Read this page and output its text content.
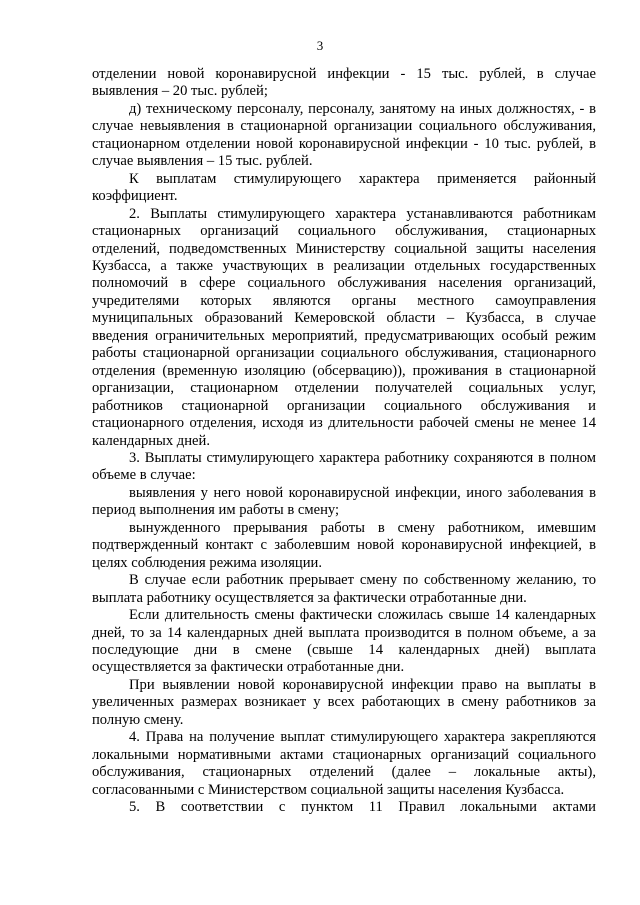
3

отделении новой коронавирусной инфекции - 15 тыс. рублей, в случае выявления – 20 тыс. рублей;

д) техническому персоналу, персоналу, занятому на иных должностях, - в случае невыявления в стационарной организации социального обслуживания, стационарном отделении новой коронавирусной инфекции - 10 тыс. рублей, в случае выявления – 15 тыс. рублей.

К выплатам стимулирующего характера применяется районный коэффициент.

2. Выплаты стимулирующего характера устанавливаются работникам стационарных организаций социального обслуживания, стационарных отделений, подведомственных Министерству социальной защиты населения Кузбасса, а также участвующих в реализации отдельных государственных полномочий в сфере социального обслуживания населения организаций, учредителями которых являются органы местного самоуправления муниципальных образований Кемеровской области – Кузбасса, в случае введения ограничительных мероприятий, предусматривающих особый режим работы стационарной организации социального обслуживания, стационарного отделения (временную изоляцию (обсервацию)), проживания в стационарной организации, стационарном отделении получателей социальных услуг, работников стационарной организации социального обслуживания и стационарного отделения, исходя из длительности рабочей смены не менее 14 календарных дней.

3. Выплаты стимулирующего характера работнику сохраняются в полном объеме в случае:

выявления у него новой коронавирусной инфекции, иного заболевания в период выполнения им работы в смену;

вынужденного прерывания работы в смену работником, имевшим подтвержденный контакт с заболевшим новой коронавирусной инфекцией, в целях соблюдения режима изоляции.

В случае если работник прерывает смену по собственному желанию, то выплата работнику осуществляется за фактически отработанные дни.

Если длительность смены фактически сложилась свыше 14 календарных дней, то за 14 календарных дней выплата производится в полном объеме, а за последующие дни в смене (свыше 14 календарных дней) выплата осуществляется за фактически отработанные дни.

При выявлении новой коронавирусной инфекции право на выплаты в увеличенных размерах возникает у всех работающих в смену работников за полную смену.

4. Права на получение выплат стимулирующего характера закрепляются локальными нормативными актами стационарных организаций социального обслуживания, стационарных отделений (далее – локальные акты), согласованными с Министерством социальной защиты населения Кузбасса.

5. В соответствии с пунктом 11 Правил локальными актами
